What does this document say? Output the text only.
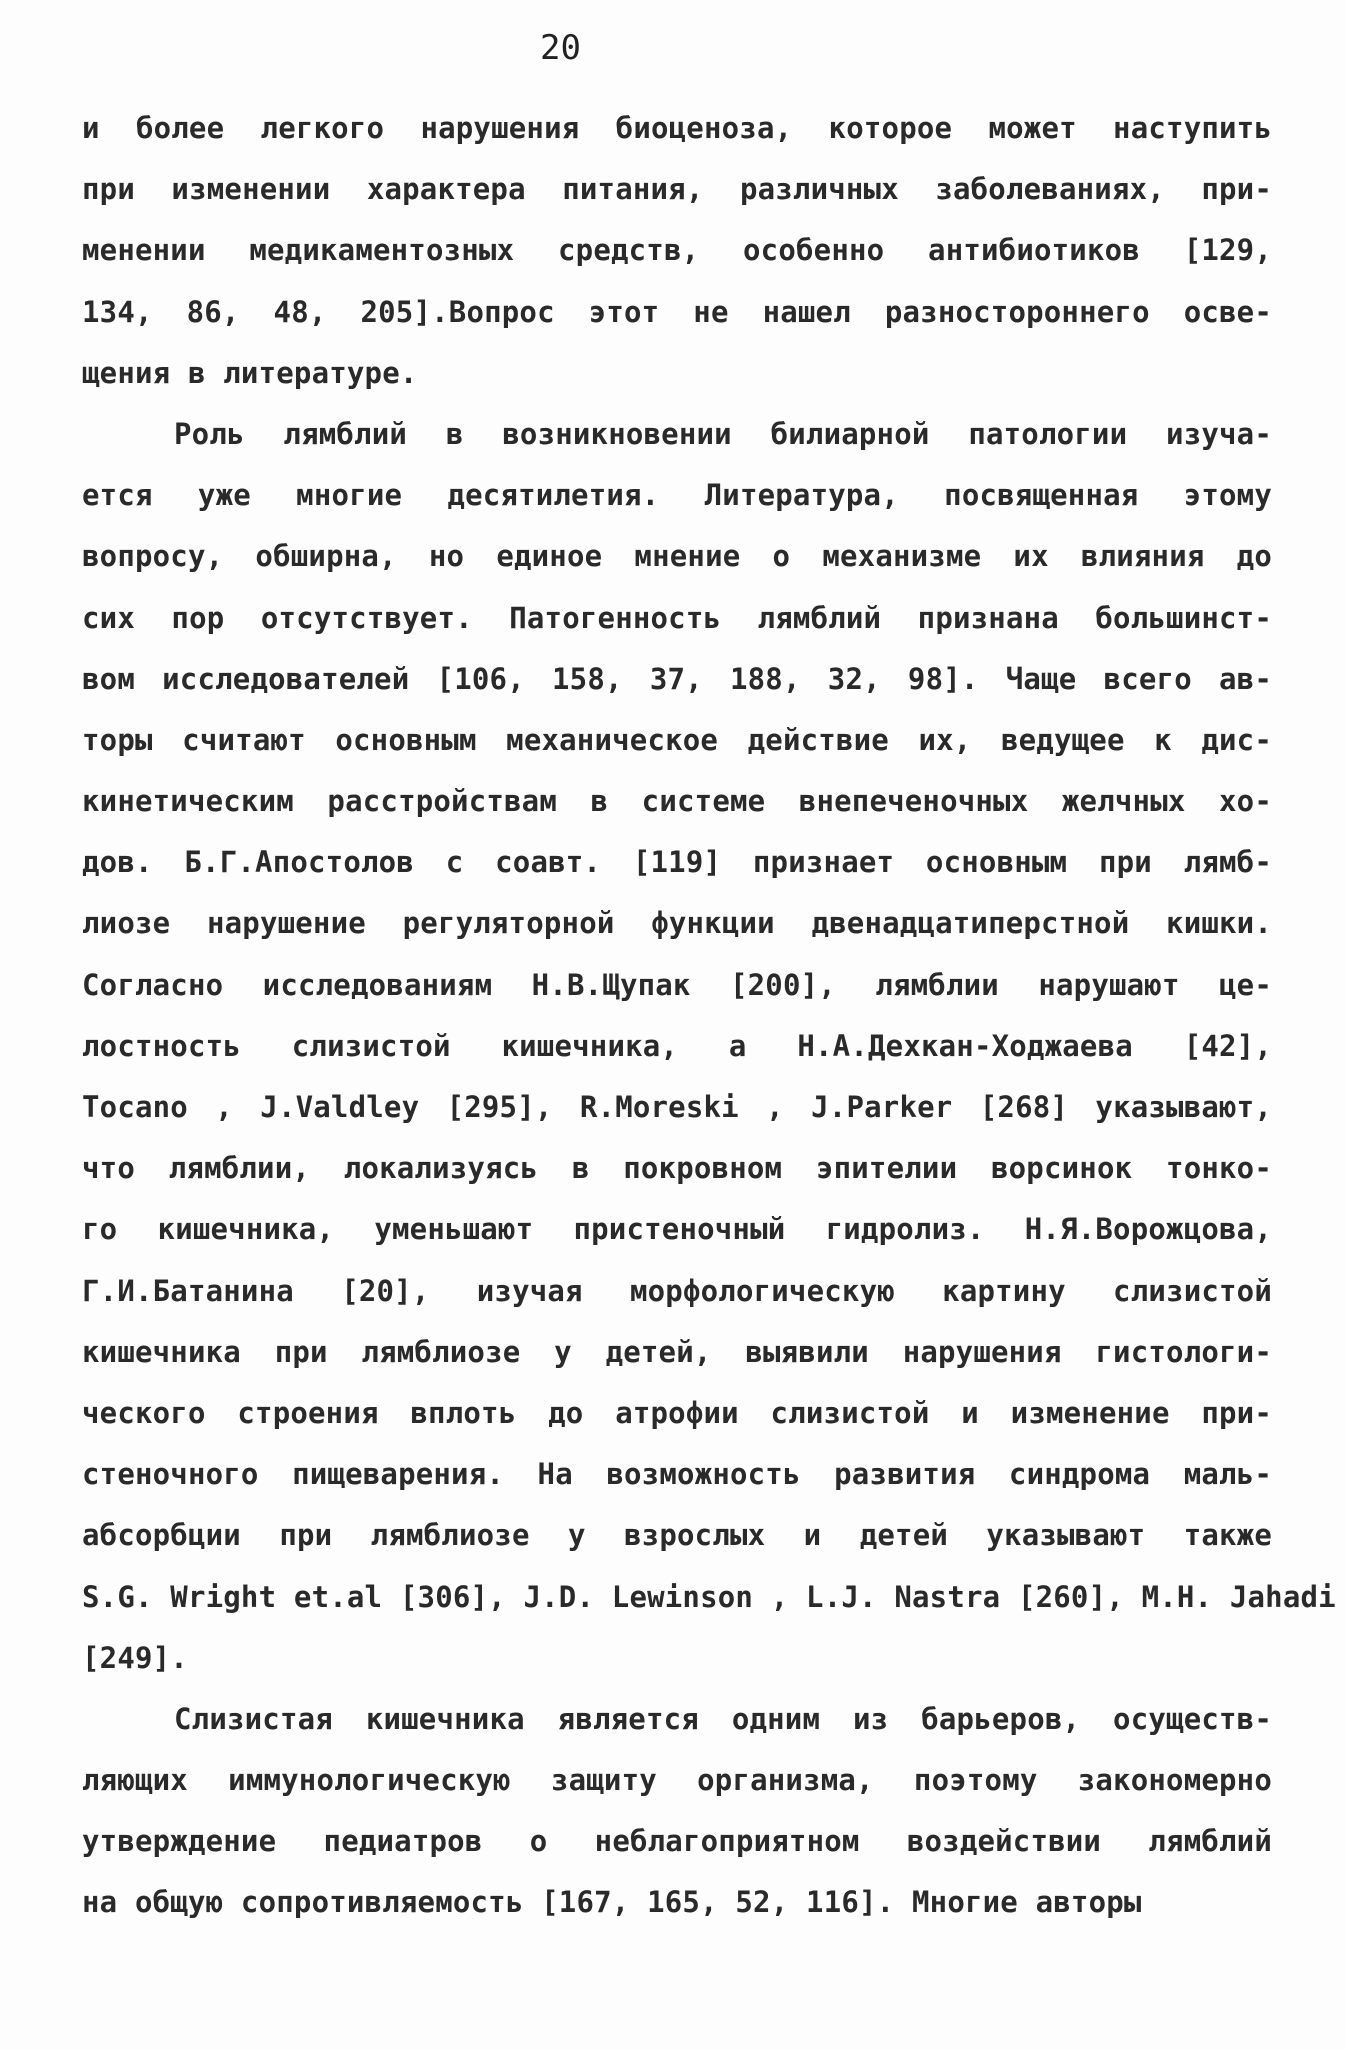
20
и более легкого нарушения биоценоза, которое может наступить
при изменении характера питания, различных заболеваниях, при-
менении медикаментозных средств, особенно антибиотиков [129,
134, 86, 48, 205].Вопрос этот не нашел разностороннего осве-
щения в литературе.
Роль лямблий в возникновении билиарной патологии изуча-
ется уже многие десятилетия. Литература, посвященная этому
вопросу, обширна, но единое мнение о механизме их влияния до
сих пор отсутствует. Патогенность лямблий признана большинст-
вом исследователей [106, 158, 37, 188, 32, 98]. Чаще всего ав-
торы считают основным механическое действие их, ведущее к дис-
кинетическим расстройствам в системе внепеченочных желчных хо-
дов. Б.Г.Апостолов с соавт. [119] признает основным при лямб-
лиозе нарушение регуляторной функции двенадцатиперстной кишки.
Согласно исследованиям Н.В.Щупак [200], лямблии нарушают це-
лостность слизистой кишечника, а Н.А.Дехкан-Ходжаева [42],
Tocano , J.Valdley [295], R.Moreski , J.Parker [268] указывают,
что лямблии, локализуясь в покровном эпителии ворсинок тонко-
го кишечника, уменьшают пристеночный гидролиз. Н.Я.Ворожцова,
Г.И.Батанина [20], изучая морфологическую картину слизистой
кишечника при лямблиозе у детей, выявили нарушения гистологи-
ческого строения вплоть до атрофии слизистой и изменение при-
стеночного пищеварения. На возможность развития синдрома маль-
абсорбции при лямблиозе у взрослых и детей указывают также
S.G. Wright et.al [306], J.D. Lewinson , L.J. Nastra [260], M.H. Jahadi
[249].
Слизистая кишечника является одним из барьеров, осуществ-
ляющих иммунологическую защиту организма, поэтому закономерно
утверждение педиатров о неблагоприятном воздействии лямблий
на общую сопротивляемость [167, 165, 52, 116]. Многие авторы
